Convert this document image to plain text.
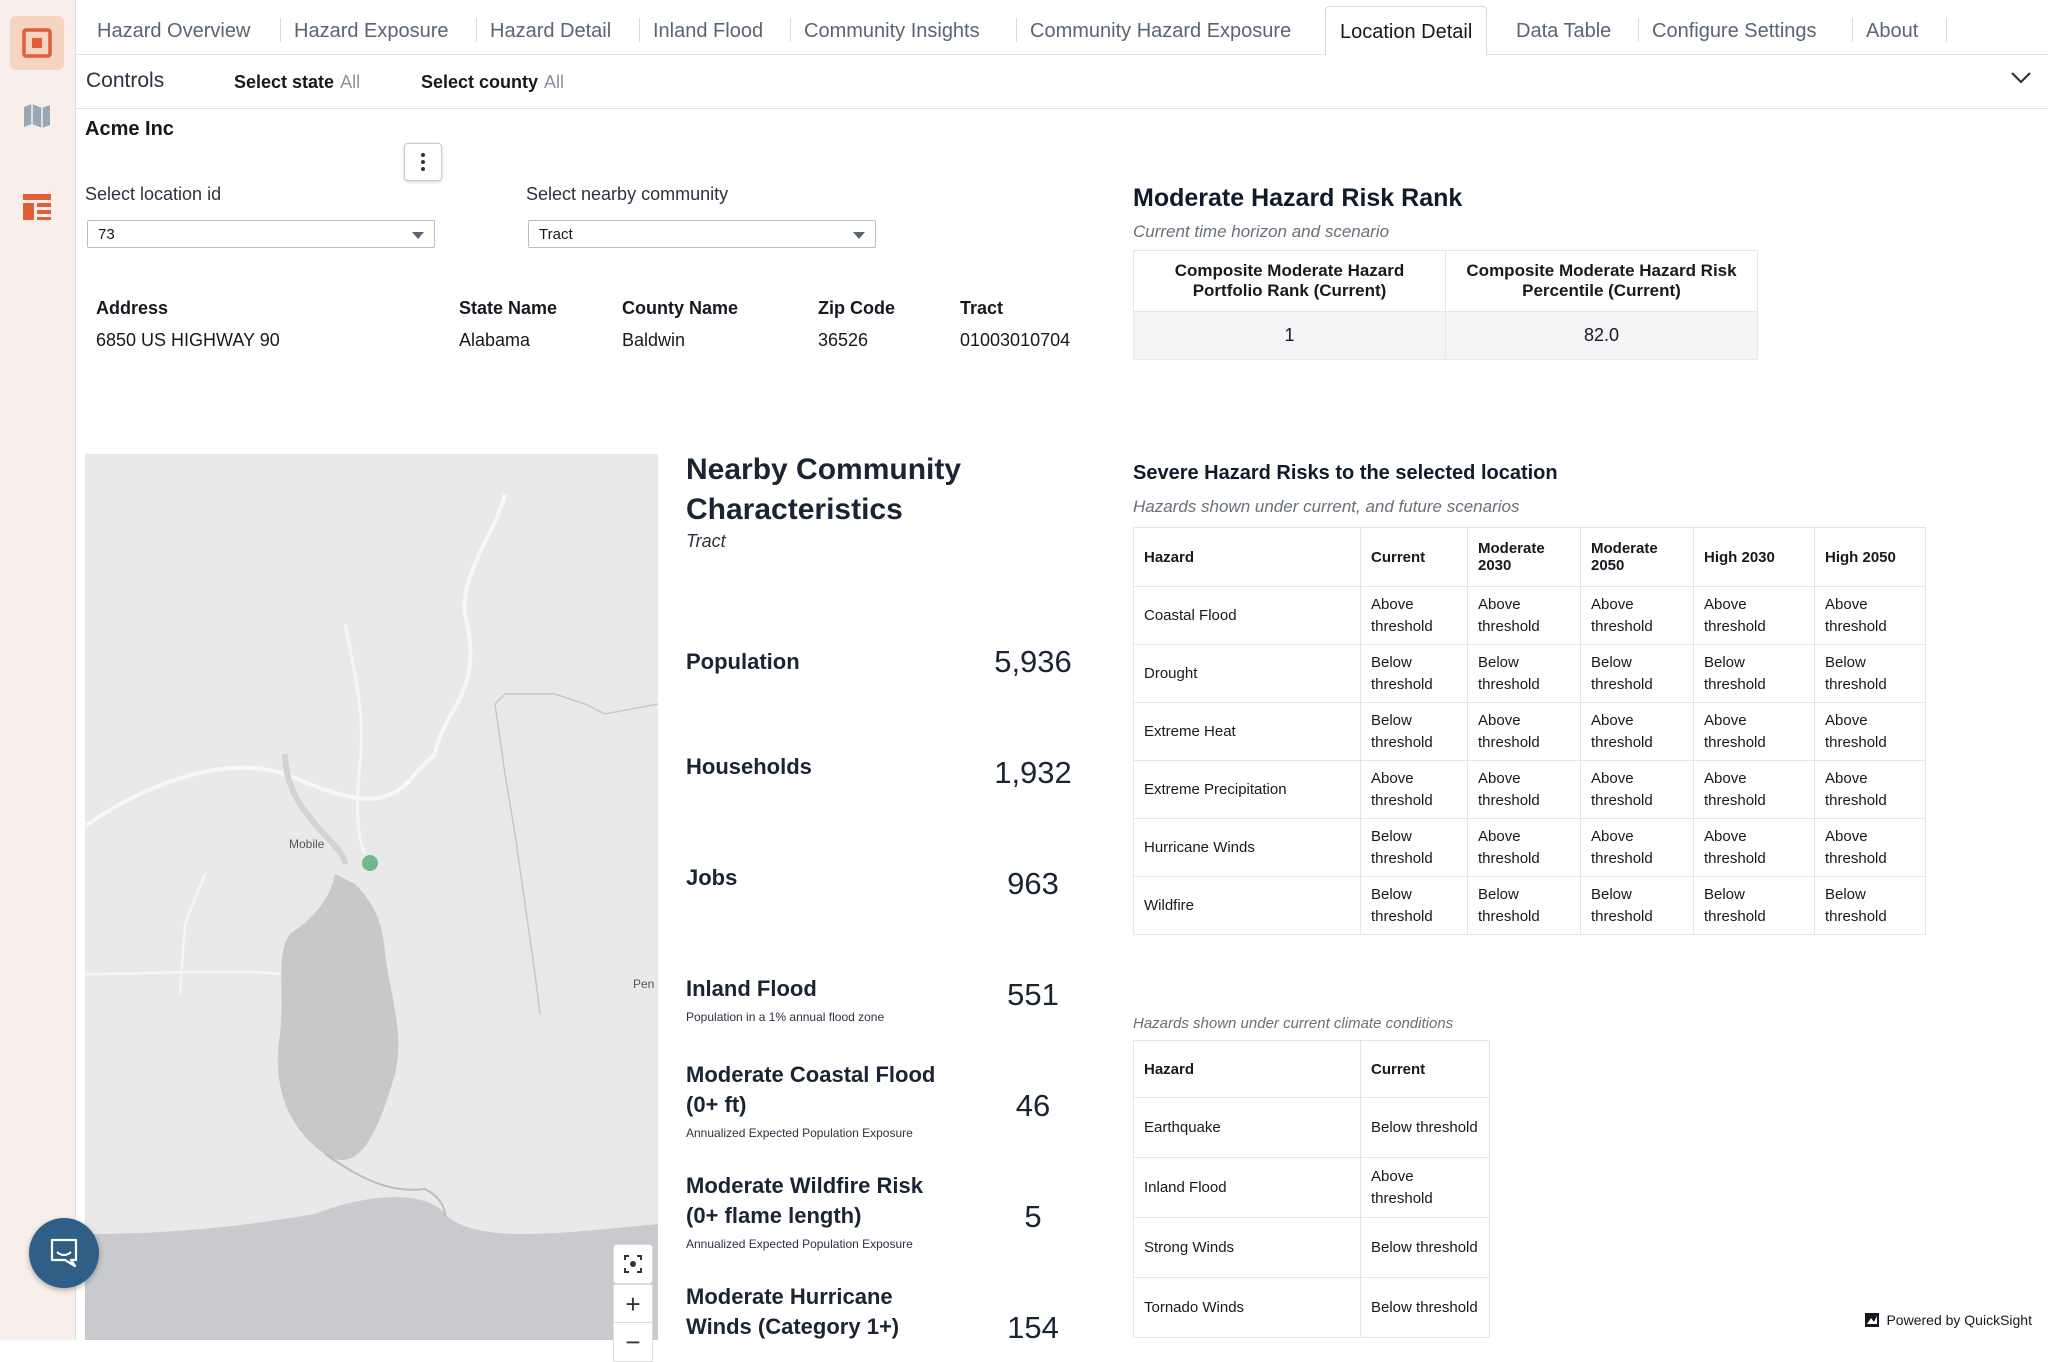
Hazard Overview Hazard Exposure Hazard Detail Inland Flood Community Insights	Community Hazard Exposure	Location Detail	Data Table Configure Settings About
Controls	Select state All	Select county All
Acme Inc
Select location id
73
Select nearby community
Tract
Address	State Name	County Name	Zip Code	Tract
6850 US HIGHWAY 90	Alabama	Baldwin	36526	01003010704
Moderate Hazard Risk Rank
Current time horizon and scenario
Composite Moderate Hazard Portfolio Rank (Current)	Composite Moderate Hazard Risk Percentile (Current)
1	82.0
Mobile
Pen
+
−
Nearby Community Characteristics
Tract
Population	5,936
Households	1,932
Jobs	963
Inland Flood
Population in a 1% annual flood zone
551
Moderate Coastal Flood (0+ ft)
Annualized Expected Population Exposure
46
Moderate Wildfire Risk (0+ flame length)
Annualized Expected Population Exposure
5
Moderate Hurricane Winds (Category 1+)	154
Severe Hazard Risks to the selected location
Hazards shown under current, and future scenarios
Hazard	Current	Moderate 2030	Moderate 2050	High 2030	High 2050
Coastal Flood	Above threshold	Above threshold	Above threshold	Above threshold	Above threshold
Drought	Below threshold	Below threshold	Below threshold	Below threshold	Below threshold
Extreme Heat	Below threshold	Above threshold	Above threshold	Above threshold	Above threshold
Extreme Precipitation	Above threshold	Above threshold	Above threshold	Above threshold	Above threshold
Hurricane Winds	Below threshold	Above threshold	Above threshold	Above threshold	Above threshold
Wildfire	Below threshold	Below threshold	Below threshold	Below threshold	Below threshold
Hazards shown under current climate conditions
Hazard	Current
Earthquake	Below threshold
Inland Flood	Above threshold
Strong Winds	Below threshold
Tornado Winds	Below threshold
Powered by QuickSight
